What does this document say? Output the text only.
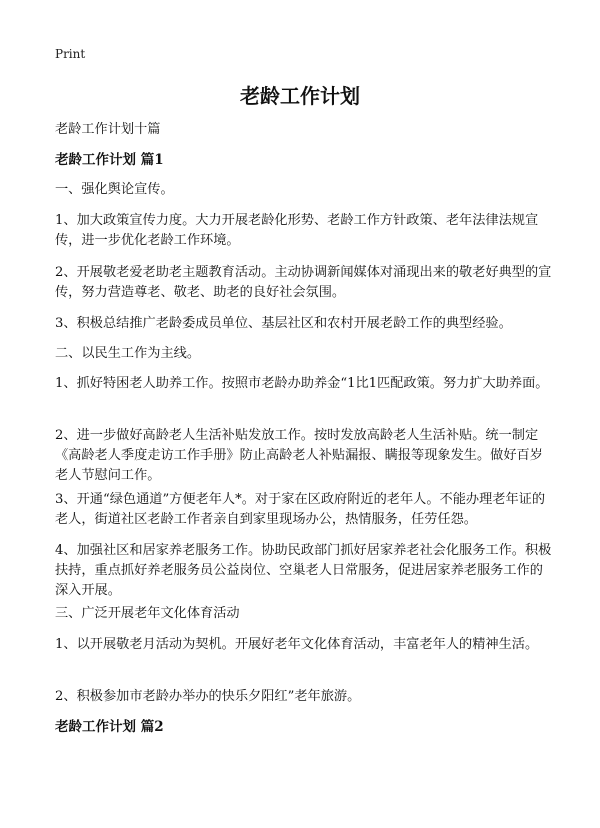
Print
老龄工作计划

老龄工作计划十篇

老龄工作计划 篇1

一、强化舆论宣传。

1、加大政策宣传力度。大力开展老龄化形势、老龄工作方针政策、老年法律法规宣传，进一步优化老龄工作环境。

2、开展敬老爱老助老主题教育活动。主动协调新闻媒体对涌现出来的敬老好典型的宣传，努力营造尊老、敬老、助老的良好社会氛围。

3、积极总结推广老龄委成员单位、基层社区和农村开展老龄工作的典型经验。

二、以民生工作为主线。

1、抓好特困老人助养工作。按照市老龄办助养金“1比1匹配政策。努力扩大助养面。

2、进一步做好高龄老人生活补贴发放工作。按时发放高龄老人生活补贴。统一制定《高龄老人季度走访工作手册》防止高龄老人补贴漏报、瞒报等现象发生。做好百岁老人节慰问工作。

3、开通“绿色通道”方便老年人*。对于家在区政府附近的老年人。不能办理老年证的老人，街道社区老龄工作者亲自到家里现场办公，热情服务，任劳任怨。

4、加强社区和居家养老服务工作。协助民政部门抓好居家养老社会化服务工作。积极扶持，重点抓好养老服务员公益岗位、空巢老人日常服务，促进居家养老服务工作的深入开展。

三、广泛开展老年文化体育活动

1、以开展敬老月活动为契机。开展好老年文化体育活动，丰富老年人的精神生活。

2、积极参加市老龄办举办的快乐夕阳红”老年旅游。

老龄工作计划 篇2
